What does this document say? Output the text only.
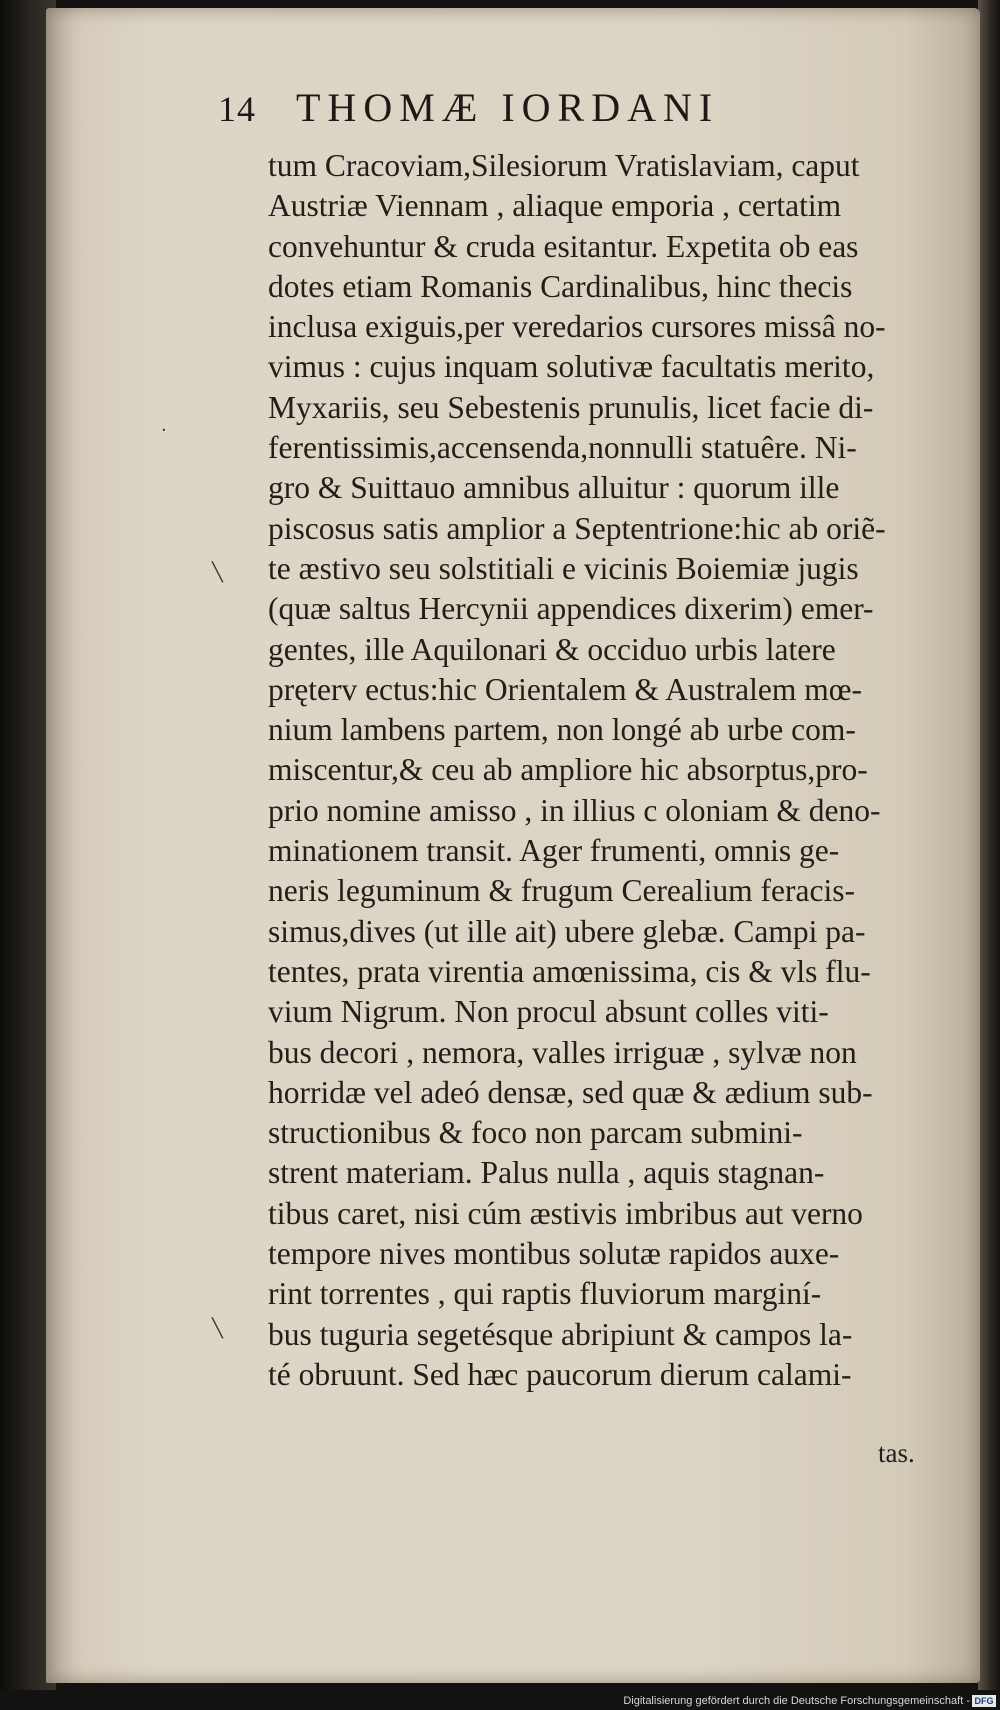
14 THOMÆ IORDANI
tum Cracoviam,Silesiorum Vratislaviam, caput
Austriæ Viennam , aliaque emporia , certatim
convehuntur & cruda esitantur. Expetita ob eas
dotes etiam Romanis Cardinalibus, hinc thecis
inclusa exiguis,per veredarios cursores missâ no-
vimus : cujus inquam solutivæ facultatis merito,
Myxariis, seu Sebestenis prunulis, licet facie di-
ferentissimis,accensenda,nonnulli statuêre. Ni-
gro & Suittauo amnibus alluitur : quorum ille
piscosus satis amplior a Septentrione:hic ab oriẽ-
te æstivo seu solstitiali e vicinis Boiemiæ jugis
(quæ saltus Hercynii appendices dixerim) emer-
gentes, ille Aquilonari & occiduo urbis latere
pręterv ectus:hic Orientalem & Australem mœ-
nium lambens partem, non longé ab urbe com-
miscentur,& ceu ab ampliore hic absorptus,pro-
prio nomine amisso , in illius c oloniam & deno-
minationem transit. Ager frumenti, omnis ge-
neris leguminum & frugum Cerealium feracis-
simus,dives (ut ille ait) ubere glebæ. Campi pa-
tentes, prata virentia amœnissima, cis & vls flu-
vium Nigrum. Non procul absunt colles viti-
bus decori , nemora, valles irriguæ , sylvæ non
horridæ vel adeó densæ, sed quæ & ædium sub-
structionibus & foco non parcam submini-
strent materiam. Palus nulla , aquis stagnan-
tibus caret, nisi cúm æstivis imbribus aut verno
tempore nives montibus solutæ rapidos auxe-
rint torrentes , qui raptis fluviorum marginí-
bus tuguria segetésque abripiunt & campos la-
té obruunt. Sed hæc paucorum dierum calami-
tas.
·
╲
╲
Digitalisierung gefördert durch die Deutsche Forschungsgemeinschaft - DFG
